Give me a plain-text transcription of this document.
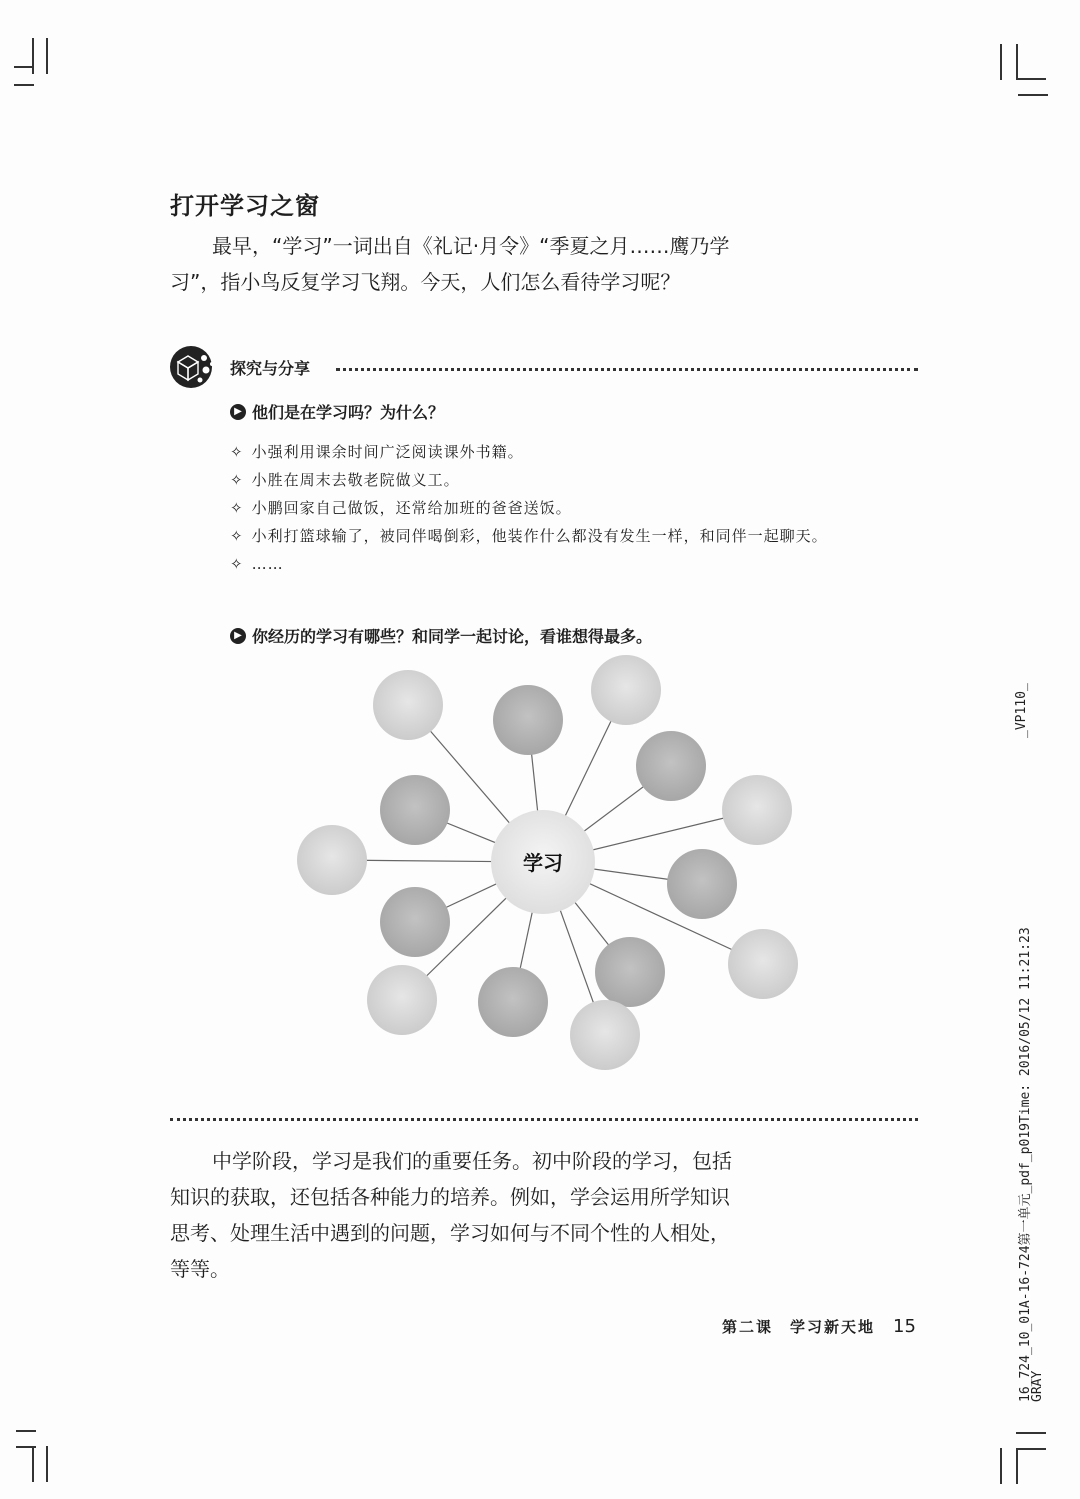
打开学习之窗

最早，“学习”一词出自《礼记·月令》“季夏之月……鹰乃学习”，指小鸟反复学习飞翔。今天，人们怎么看待学习呢？

探究与分享
▶ 他们是在学习吗？为什么？
✧ 小强利用课余时间广泛阅读课外书籍。
✧ 小胜在周末去敬老院做义工。
✧ 小鹏回家自己做饭，还常给加班的爸爸送饭。
✧ 小利打篮球输了，被同伴喝倒彩，他装作什么都没有发生一样，和同伴一起聊天。
✧ ……
▶ 你经历的学习有哪些？和同学一起讨论，看谁想得最多。
学习

中学阶段，学习是我们的重要任务。初中阶段的学习，包括知识的获取，还包括各种能力的培养。例如，学会运用所学知识思考、处理生活中遇到的问题，学习如何与不同个性的人相处，等等。

第二课　学习新天地 15
_VP110_
16_724_10_01A-16-724第一单元_pdf_p019Time: 2016/05/12 11:21:23
GRAY
